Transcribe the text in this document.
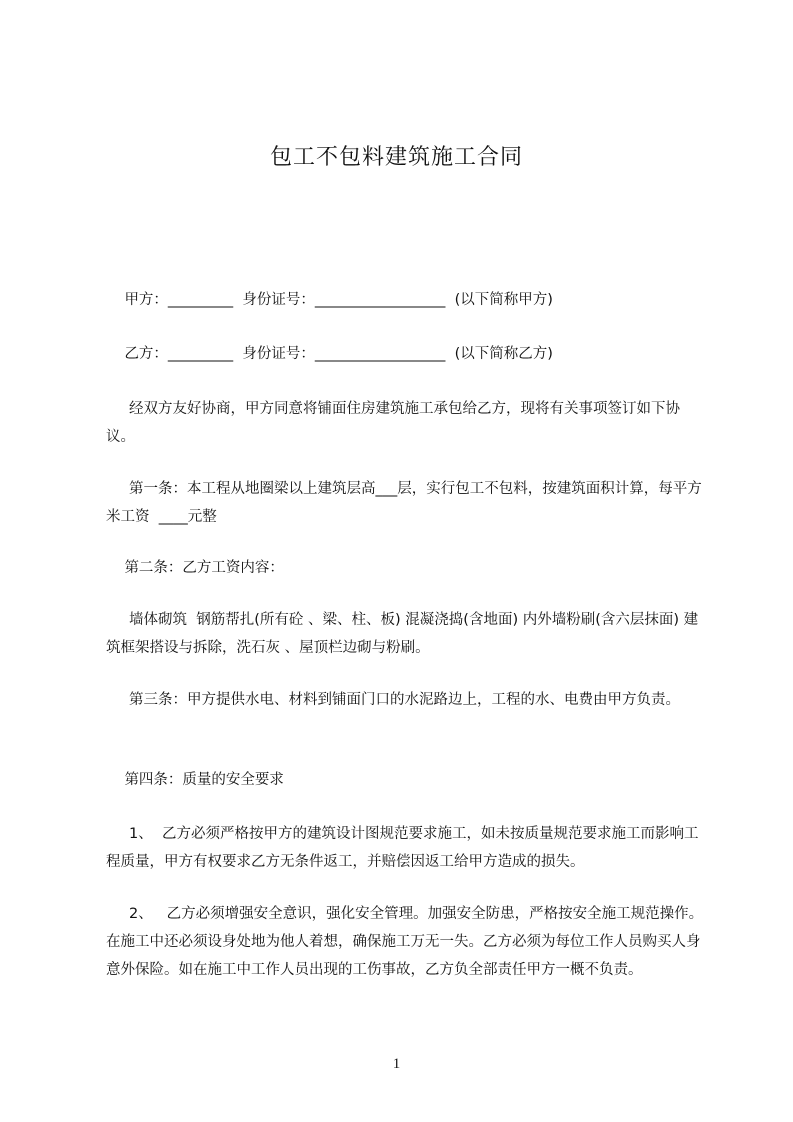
包工不包料建筑施工合同

甲方：_________  身份证号：__________________  (以下简称甲方)

乙方：_________  身份证号：__________________  (以下简称乙方)

经双方友好协商，甲方同意将铺面住房建筑施工承包给乙方，现将有关事项签订如下协议。

第一条：本工程从地圈梁以上建筑层高___层，实行包工不包料，按建筑面积计算，每平方米工资  ____元整

第二条：乙方工资内容：

墙体砌筑  钢筋帮扎(所有砼 、梁、柱、板) 混凝浇捣(含地面) 内外墙粉刷(含六层抹面) 建筑框架搭设与拆除，洗石灰 、屋顶栏边砌与粉刷。

第三条：甲方提供水电、材料到铺面门口的水泥路边上，工程的水、电费由甲方负责。

第四条：质量的安全要求

1、  乙方必须严格按甲方的建筑设计图规范要求施工，如未按质量规范要求施工而影响工程质量，甲方有权要求乙方无条件返工，并赔偿因返工给甲方造成的损失。

2、   乙方必须增强安全意识，强化安全管理。加强安全防患，严格按安全施工规范操作。在施工中还必须设身处地为他人着想，确保施工万无一失。乙方必须为每位工作人员购买人身意外保险。如在施工中工作人员出现的工伤事故，乙方负全部责任甲方一概不负责。

1
